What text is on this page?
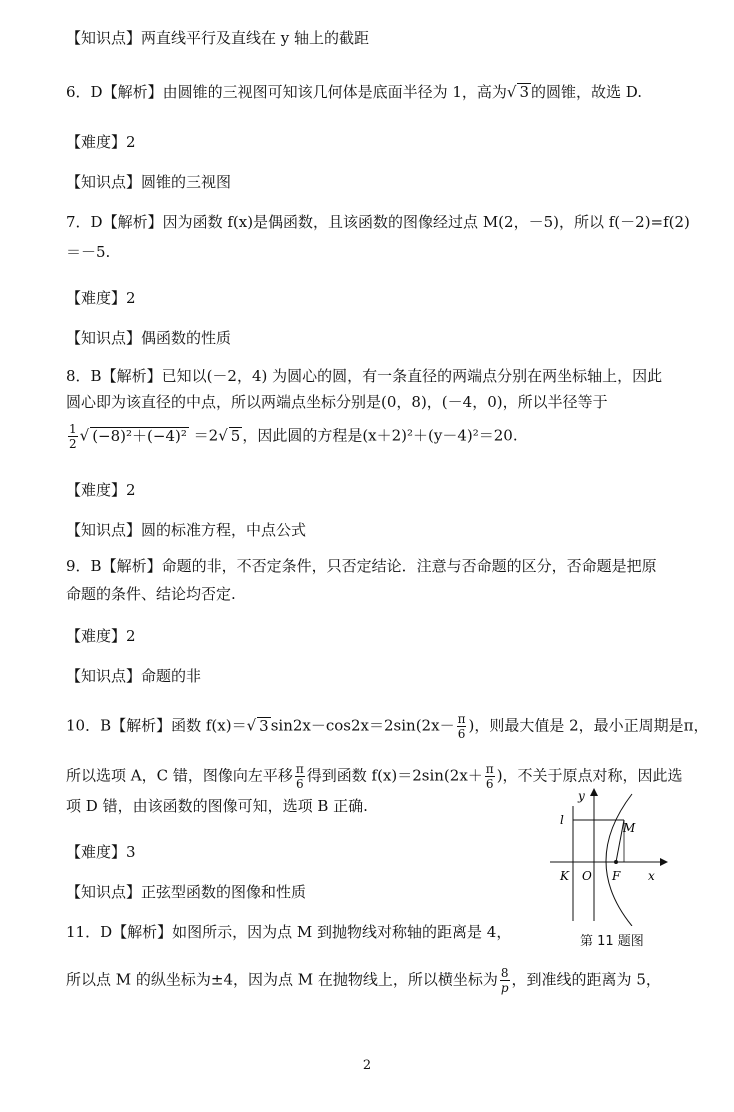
【知识点】两直线平行及直线在 y 轴上的截距
6．D【解析】由圆锥的三视图可知该几何体是底面半径为 1，高为√ 3 的圆锥，故选 D.
【难度】2
【知识点】圆锥的三视图
7．D【解析】因为函数 f(x)是偶函数，且该函数的图像经过点 M(2，－5)，所以 f(－2)=f(2)
＝－5.
【难度】2
【知识点】偶函数的性质
8．B【解析】已知以(－2，4) 为圆心的圆，有一条直径的两端点分别在两坐标轴上，因此
圆心即为该直径的中点，所以两端点坐标分别是(0，8)，(－4，0)，所以半径等于
$\frac{1}{2}$ √ (−8)²＋(−4)² ＝2√ 5 ，因此圆的方程是(x＋2)²＋(y－4)²＝20.
【难度】2
【知识点】圆的标准方程，中点公式
9．B【解析】命题的非，不否定条件，只否定结论．注意与否命题的区分，否命题是把原
命题的条件、结论均否定.
【难度】2
【知识点】命题的非
10．B【解析】函数 f(x)＝√ 3 $\sin 2x-\cos 2x=2\sin(2x- \frac{\pi}{6}$ )，则最大值是 2，最小正周期是π，
所以选项 A，C 错，图像向左平移 $\frac{\pi}{6}$ 得到函数 $f(x)=2\sin(2x+ \frac{\pi}{6}$ )，不关于原点对称，因此选
项 D 错，由该函数的图像可知，选项 B 正确.
【难度】3
【知识点】正弦型函数的图像和性质
11．D【解析】如图所示，因为点 M 到抛物线对称轴的距离是 4，
所以点 M 的纵坐标为±4，因为点 M 在抛物线上，所以横坐标为 $\frac{8}{p}$ ，到准线的距离为 5，
y
l
M
K O F x
第 11 题图
2
